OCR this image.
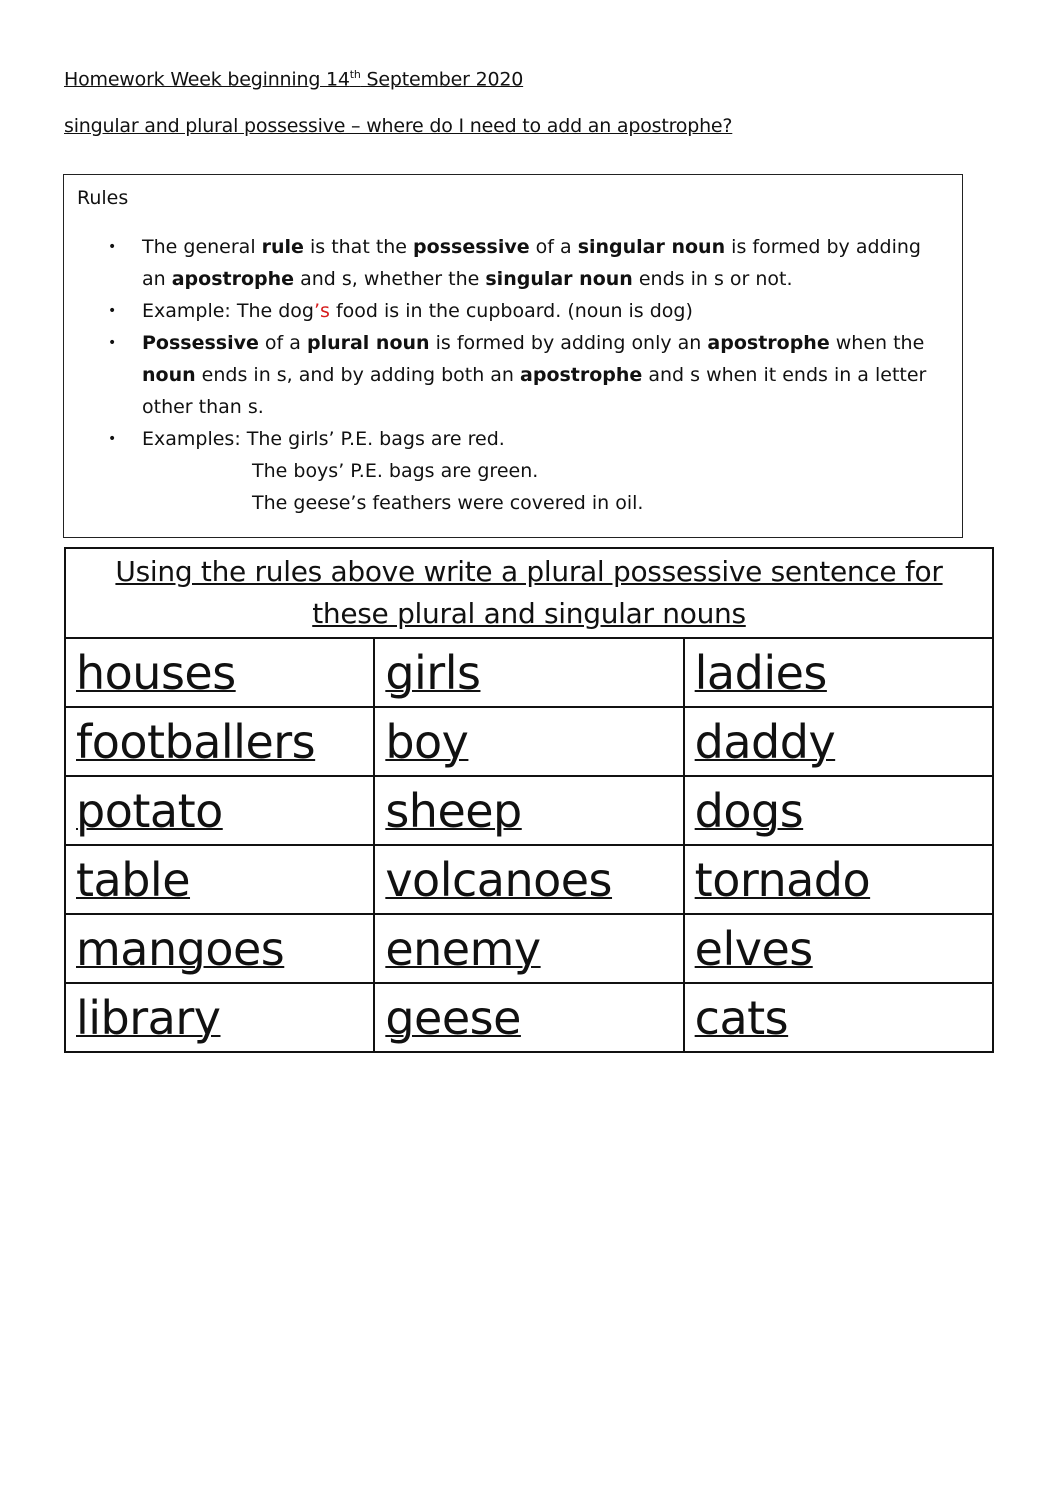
Homework Week beginning 14th September 2020
singular and plural possessive – where do I need to add an apostrophe?
Rules
• The general rule is that the possessive of a singular noun is formed by adding an apostrophe and s, whether the singular noun ends in s or not.
• Example: The dog’s food is in the cupboard. (noun is dog)
• Possessive of a plural noun is formed by adding only an apostrophe when the noun ends in s, and by adding both an apostrophe and s when it ends in a letter other than s.
• Examples: The girls’ P.E. bags are red.
The boys’ P.E. bags are green.
The geese’s feathers were covered in oil.
Using the rules above write a plural possessive sentence for
these plural and singular nouns		

houses	girls	ladies
footballers	boy	daddy
potato	sheep	dogs
table	volcanoes	tornado
mangoes	enemy	elves
library	geese	cats
